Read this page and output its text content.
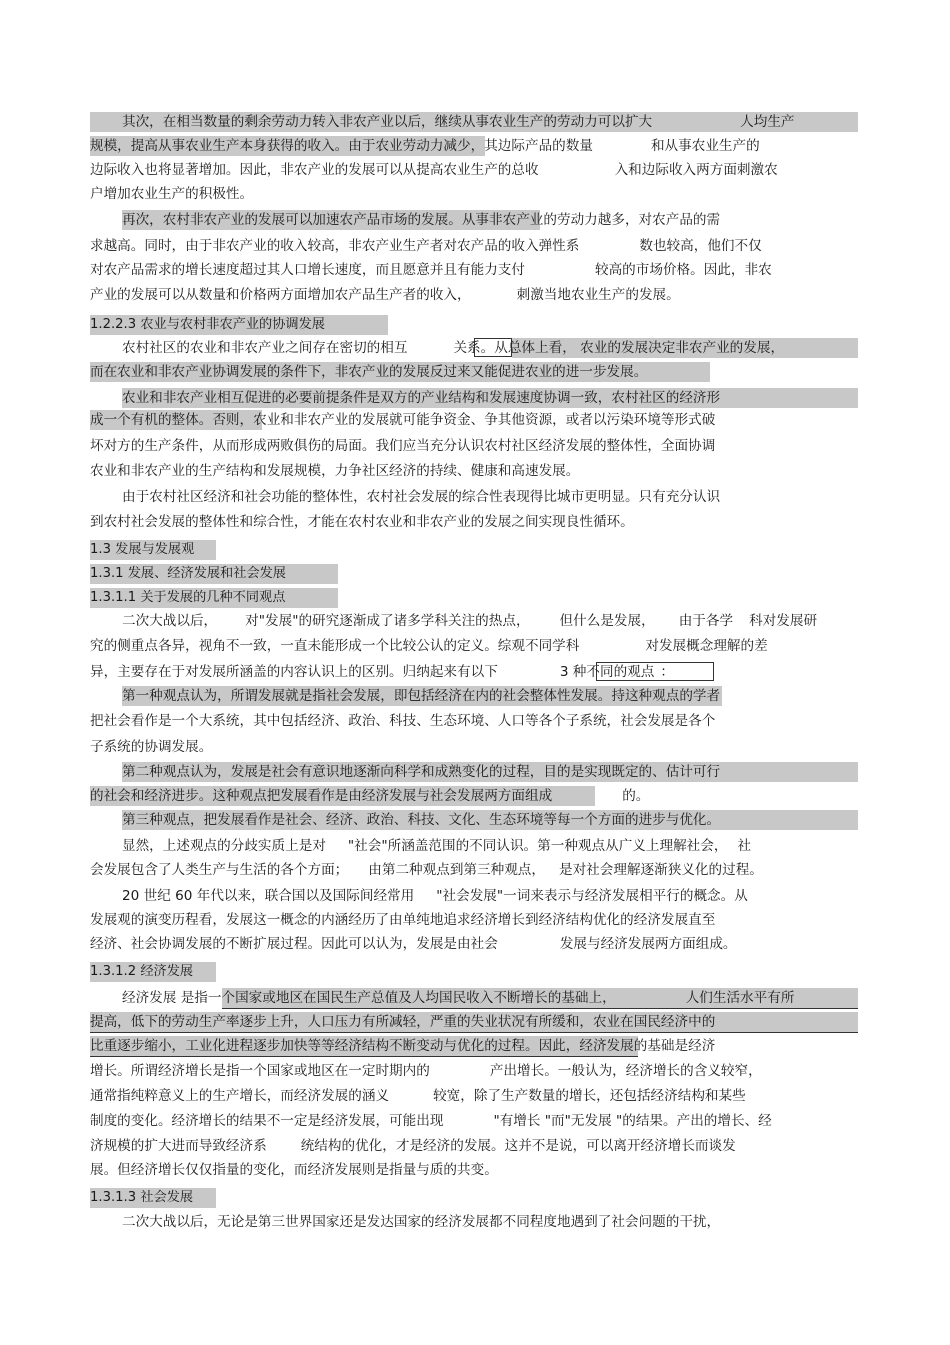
其次，在相当数量的剩余劳动力转入非农产业以后，继续从事农业生产的劳动力可以扩大	人均生产
规模，提高从事农业生产本身获得的收入。由于农业劳动力减少，其边际产品的数量	和从事农业生产的
边际收入也将显著增加。因此，非农产业的发展可以从提高农业生产的总收	入和边际收入两方面刺激农
户增加农业生产的积极性。
再次，农村非农产业的发展可以加速农产品市场的发展。从事非农产业的劳动力越多，对农产品的需
求越高。同时，由于非农产业的收入较高，非农产业生产者对农产品的收入弹性系	数也较高，他们不仅
对农产品需求的增长速度超过其人口增长速度，而且愿意并且有能力支付	较高的市场价格。因此，非农
产业的发展可以从数量和价格两方面增加农产品生产者的收入，	刺激当地农业生产的发展。
1.2.2.3 农业与农村非农产业的协调发展
农村社区的农业和非农产业之间存在密切的相互	关系。从总体上看， 农业的发展决定非农产业的发展，
而在农业和非农产业协调发展的条件下，非农产业的发展反过来又能促进农业的进一步发展。
农业和非农产业相互促进的必要前提条件是双方的产业结构和发展速度协调一致，农村社区的经济形
成一个有机的整体。否则，农业和非农产业的发展就可能争资金、争其他资源，或者以污染环境等形式破
坏对方的生产条件，从而形成两败俱伤的局面。我们应当充分认识农村社区经济发展的整体性，全面协调
农业和非农产业的生产结构和发展规模，力争社区经济的持续、健康和高速发展。
由于农村社区经济和社会功能的整体性，农村社会发展的综合性表现得比城市更明显。只有充分认识
到农村社会发展的整体性和综合性，才能在农村农业和非农产业的发展之间实现良性循环。
1.3 发展与发展观
1.3.1 发展、经济发展和社会发展
1.3.1.1 关于发展的几种不同观点
二次大战以后， 对"发展"的研究逐渐成了诸多学科关注的热点， 但什么是发展， 由于各学 科对发展研
究的侧重点各异，视角不一致，一直未能形成一个比较公认的定义。综观不同学科	对发展概念理解的差
异，主要存在于对发展所涵盖的内容认识上的区别。归纳起来有以下	3 种不同的观点 ：
第一种观点认为，所谓发展就是指社会发展，即包括经济在内的社会整体性发展。持这种观点的学者
把社会看作是一个大系统，其中包括经济、政治、科技、生态环境、人口等各个子系统，社会发展是各个
子系统的协调发展。
第二种观点认为，发展是社会有意识地逐渐向科学和成熟变化的过程，目的是实现既定的、估计可行
的社会和经济进步。这种观点把发展看作是由经济发展与社会发展两方面组成	的。
第三种观点，把发展看作是社会、经济、政治、科技、文化、生态环境等每一个方面的进步与优化。
显然，上述观点的分歧实质上是对 "社会"所涵盖范围的不同认识。第一种观点从广义上理解社会， 社
会发展包含了人类生产与生活的各个方面； 由第二种观点到第三种观点， 是对社会理解逐渐狭义化的过程。
20 世纪 60 年代以来，联合国以及国际间经常用 "社会发展"一词来表示与经济发展相平行的概念。从
发展观的演变历程看，发展这一概念的内涵经历了由单纯地追求经济增长到经济结构优化的经济发展直至
经济、社会协调发展的不断扩展过程。因此可以认为，发展是由社会	发展与经济发展两方面组成。
1.3.1.2 经济发展
经济发展 是指一个国家或地区在国民生产总值及人均国民收入不断增长的基础上，	人们生活水平有所
提高，低下的劳动生产率逐步上升，人口压力有所减轻，严重的失业状况有所缓和，农业在国民经济中的
比重逐步缩小，工业化进程逐步加快等等经济结构不断变动与优化的过程。因此，经济发展的基础是经济
增长。所谓经济增长是指一个国家或地区在一定时期内的	产出增长。一般认为，经济增长的含义较窄，
通常指纯粹意义上的生产增长，而经济发展的涵义	较宽，除了生产数量的增长，还包括经济结构和某些
制度的变化。经济增长的结果不一定是经济发展，可能出现	"有增长 "而"无发展 "的结果。产出的增长、经
济规模的扩大进而导致经济系	统结构的优化，才是经济的发展。这并不是说，可以离开经济增长而谈发
展。但经济增长仅仅指量的变化，而经济发展则是指量与质的共变。
1.3.1.3 社会发展
二次大战以后，无论是第三世界国家还是发达国家的经济发展都不同程度地遇到了社会问题的干扰，
